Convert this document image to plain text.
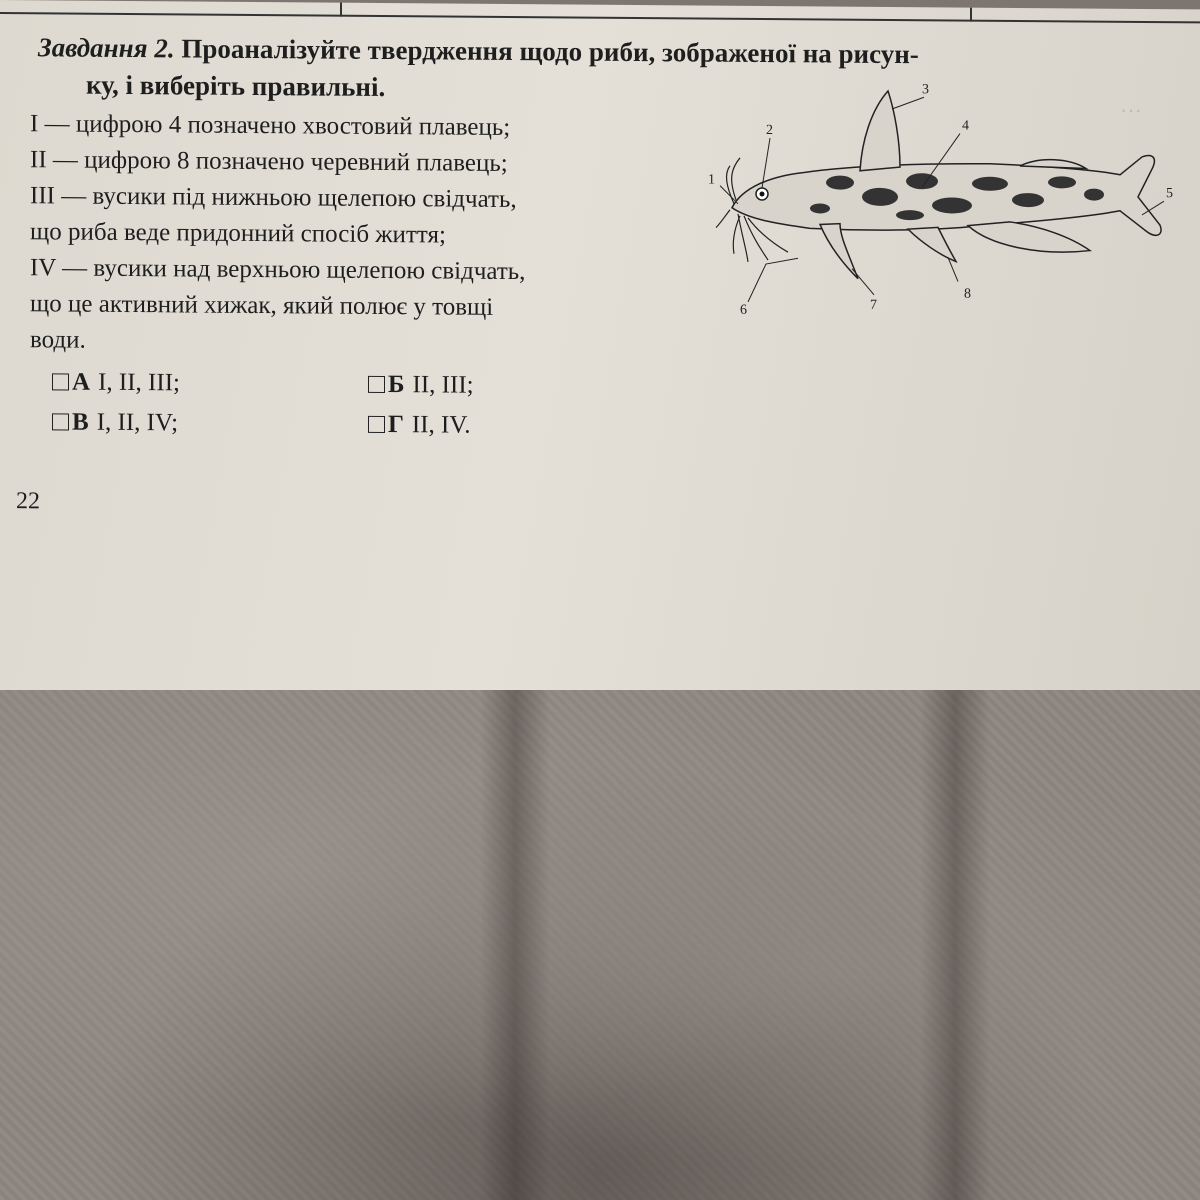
···
Завдання 2. Проаналізуйте твердження щодо риби, зображеної на рисун-
ку, і виберіть правильні.
I — цифрою 4 позначено хвостовий плавець;
II — цифрою 8 позначено черевний плавець;
III — вусики під нижньою щелепою свідчать,
що риба веде придонний спосіб життя;
IV — вусики над верхньою щелепою свідчать,
що це активний хижак, який полює у товщі
води.
А I, II, III;	Б II, III;
В I, II, IV;	Г II, IV.
22
1
2
3
4
5
6	7
8
